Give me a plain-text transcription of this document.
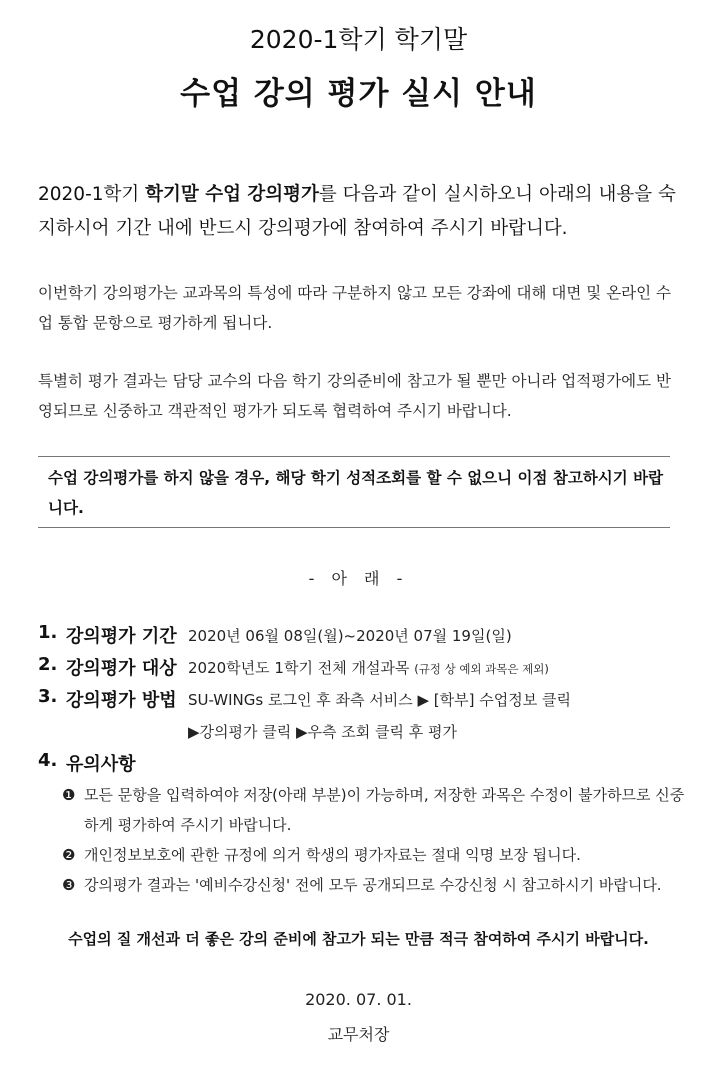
2020-1학기 학기말
수업 강의 평가 실시 안내
2020-1학기 학기말 수업 강의평가를 다음과 같이 실시하오니 아래의 내용을 숙지하시어 기간 내에 반드시 강의평가에 참여하여 주시기 바랍니다.
이번학기 강의평가는 교과목의 특성에 따라 구분하지 않고 모든 강좌에 대해 대면 및 온라인 수업 통합 문항으로 평가하게 됩니다.
특별히 평가 결과는 담당 교수의 다음 학기 강의준비에 참고가 될 뿐만 아니라 업적평가에도 반영되므로 신중하고 객관적인 평가가 되도록 협력하여 주시기 바랍니다.
수업 강의평가를 하지 않을 경우, 해당 학기 성적조회를 할 수 없으니 이점 참고하시기 바랍니다.
- 아 래 -
1. 강의평가 기간 2020년 06월 08일(월)~2020년 07월 19일(일)
2. 강의평가 대상 2020학년도 1학기 전체 개설과목 (규정 상 예외 과목은 제외)
3. 강의평가 방법 SU-WINGs 로그인 후 좌측 서비스 ▶ [학부] 수업정보 클릭
▶강의평가 클릭 ▶우측 조회 클릭 후 평가
4. 유의사항
❶ 모든 문항을 입력하여야 저장(아래 부분)이 가능하며, 저장한 과목은 수정이 불가하므로 신중하게 평가하여 주시기 바랍니다.
❷ 개인정보보호에 관한 규정에 의거 학생의 평가자료는 절대 익명 보장 됩니다.
❸ 강의평가 결과는 '예비수강신청' 전에 모두 공개되므로 수강신청 시 참고하시기 바랍니다.
수업의 질 개선과 더 좋은 강의 준비에 참고가 되는 만큼 적극 참여하여 주시기 바랍니다.
2020. 07. 01.
교무처장
